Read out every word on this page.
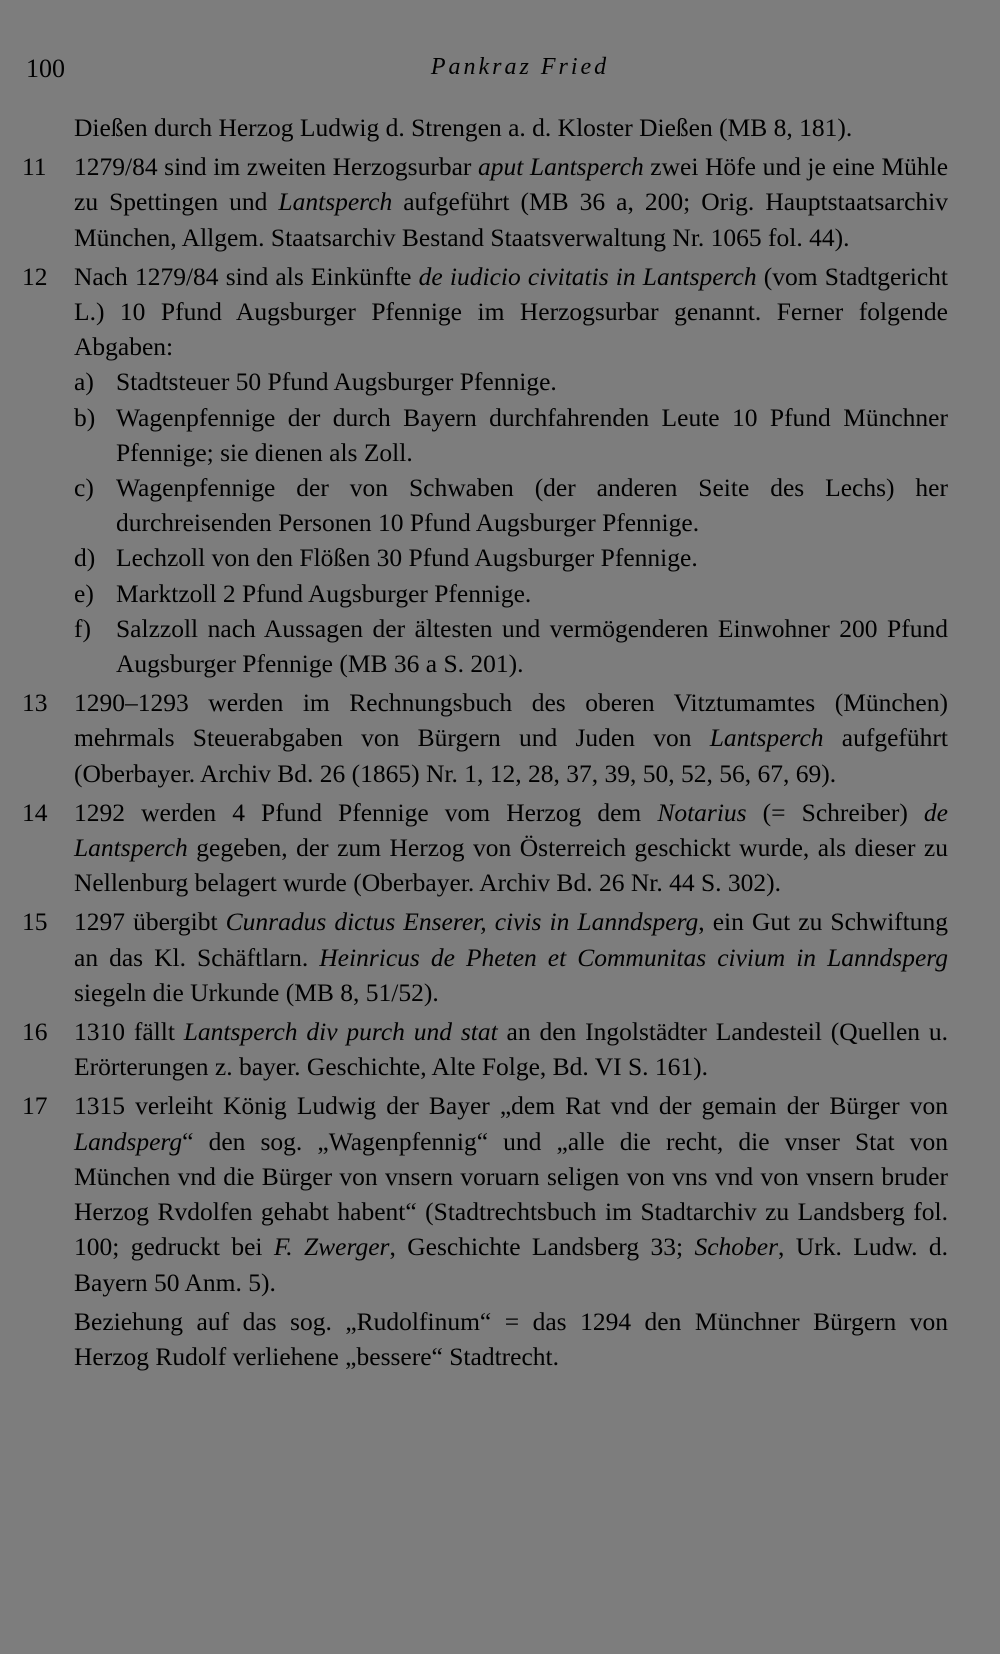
100	Pankraz Fried
Dießen durch Herzog Ludwig d. Strengen a. d. Kloster Dießen (MB 8, 181).
11	1279/84 sind im zweiten Herzogsurbar aput Lantsperch zwei Höfe und je eine Mühle zu Spettingen und Lantsperch aufgeführt (MB 36 a, 200; Orig. Hauptstaatsarchiv München, Allgem. Staatsarchiv Bestand Staatsverwaltung Nr. 1065 fol. 44).
12	Nach 1279/84 sind als Einkünfte de iudicio civitatis in Lantsperch (vom Stadtgericht L.) 10 Pfund Augsburger Pfennige im Herzogsurbar genannt. Ferner folgende Abgaben:
a) Stadtsteuer 50 Pfund Augsburger Pfennige.
b) Wagenpfennige der durch Bayern durchfahrenden Leute 10 Pfund Münchner Pfennige; sie dienen als Zoll.
c) Wagenpfennige der von Schwaben (der anderen Seite des Lechs) her durchreisenden Personen 10 Pfund Augsburger Pfennige.
d) Lechzoll von den Flößen 30 Pfund Augsburger Pfennige.
e) Marktzoll 2 Pfund Augsburger Pfennige.
f) Salzzoll nach Aussagen der ältesten und vermögenderen Einwohner 200 Pfund Augsburger Pfennige (MB 36 a S. 201).
13	1290–1293 werden im Rechnungsbuch des oberen Vitztumamtes (München) mehrmals Steuerabgaben von Bürgern und Juden von Lantsperch aufgeführt (Oberbayer. Archiv Bd. 26 (1865) Nr. 1, 12, 28, 37, 39, 50, 52, 56, 67, 69).
14	1292 werden 4 Pfund Pfennige vom Herzog dem Notarius (= Schreiber) de Lantsperch gegeben, der zum Herzog von Österreich geschickt wurde, als dieser zu Nellenburg belagert wurde (Oberbayer. Archiv Bd. 26 Nr. 44 S. 302).
15	1297 übergibt Cunradus dictus Enserer, civis in Lanndsperg, ein Gut zu Schwiftung an das Kl. Schäftlarn. Heinricus de Pheten et Communitas civium in Lanndsperg siegeln die Urkunde (MB 8, 51/52).
16	1310 fällt Lantsperch div purch und stat an den Ingolstädter Landesteil (Quellen u. Erörterungen z. bayer. Geschichte, Alte Folge, Bd. VI S. 161).
17	1315 verleiht König Ludwig der Bayer „dem Rat vnd der gemain der Bürger von Landsperg“ den sog. „Wagenpfennig“ und „alle die recht, die vnser Stat von München vnd die Bürger von vnsern voruarn seligen von vns vnd von vnsern bruder Herzog Rvdolfen gehabt habent“ (Stadtrechtsbuch im Stadtarchiv zu Landsberg fol. 100; gedruckt bei F. Zwerger, Geschichte Landsberg 33; Schober, Urk. Ludw. d. Bayern 50 Anm. 5).
Beziehung auf das sog. „Rudolfinum“ = das 1294 den Münchner Bürgern von Herzog Rudolf verliehene „bessere“ Stadtrecht.
